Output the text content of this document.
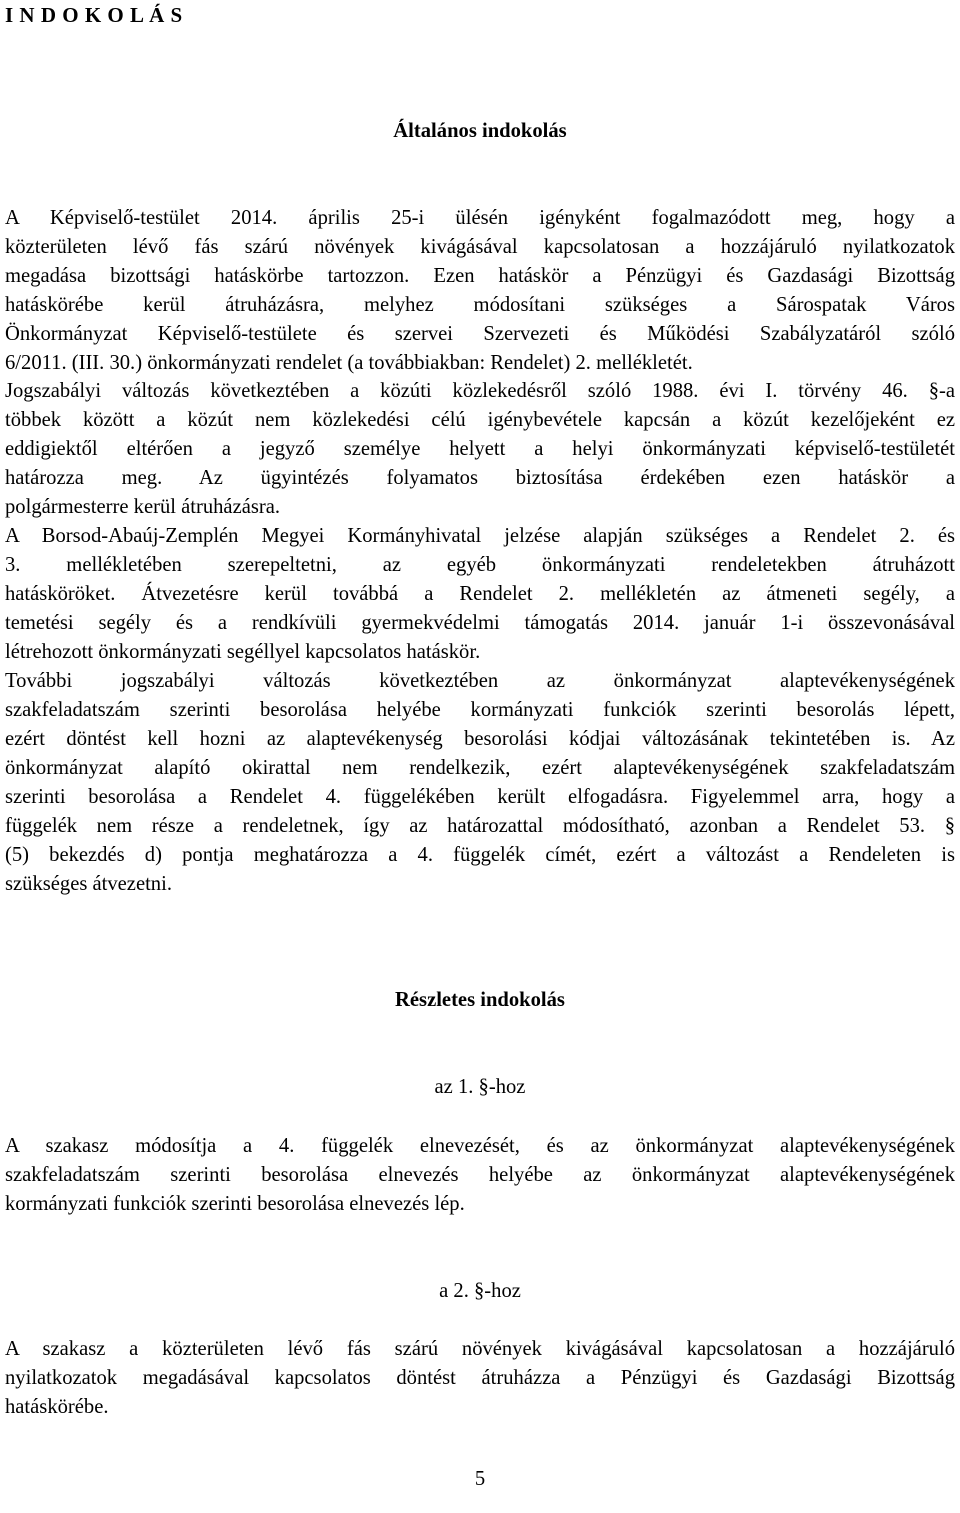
I N D O K O L Á S

Általános indokolás

A Képviselő-testület 2014. április 25-i ülésén igényként fogalmazódott meg, hogy a

közterületen lévő fás szárú növények kivágásával kapcsolatosan a hozzájáruló nyilatkozatok

megadása bizottsági hatáskörbe tartozzon. Ezen hatáskör a Pénzügyi és Gazdasági Bizottság

hatáskörébe kerül átruházásra, melyhez módosítani szükséges a Sárospatak Város

Önkormányzat Képviselő-testülete és szervei Szervezeti és Működési Szabályzatáról szóló

6/2011. (III. 30.) önkormányzati rendelet (a továbbiakban: Rendelet) 2. mellékletét.

Jogszabályi változás következtében a közúti közlekedésről szóló 1988. évi I. törvény 46. §-a

többek között a közút nem közlekedési célú igénybevétele kapcsán a közút kezelőjeként ez

eddigiektől eltérően a jegyző személye helyett a helyi önkormányzati képviselő-testületét

határozza meg. Az ügyintézés folyamatos biztosítása érdekében ezen hatáskör a

polgármesterre kerül átruházásra.

A Borsod-Abaúj-Zemplén Megyei Kormányhivatal jelzése alapján szükséges a Rendelet 2. és

3. mellékletében szerepeltetni, az egyéb önkormányzati rendeletekben átruházott

hatásköröket. Átvezetésre kerül továbbá a Rendelet 2. mellékletén az átmeneti segély, a

temetési segély és a rendkívüli gyermekvédelmi támogatás 2014. január 1-i összevonásával

létrehozott önkormányzati segéllyel kapcsolatos hatáskör.

További jogszabályi változás következtében az önkormányzat alaptevékenységének

szakfeladatszám szerinti besorolása helyébe kormányzati funkciók szerinti besorolás lépett,

ezért döntést kell hozni az alaptevékenység besorolási kódjai változásának tekintetében is. Az

önkormányzat alapító okirattal nem rendelkezik, ezért alaptevékenységének szakfeladatszám

szerinti besorolása a Rendelet 4. függelékében került elfogadásra. Figyelemmel arra, hogy a

függelék nem része a rendeletnek, így az határozattal módosítható, azonban a Rendelet 53. §

(5) bekezdés d) pontja meghatározza a 4. függelék címét, ezért a változást a Rendeleten is

szükséges átvezetni.

Részletes indokolás

az 1. §-hoz

A szakasz módosítja a 4. függelék elnevezését, és az önkormányzat alaptevékenységének

szakfeladatszám szerinti besorolása elnevezés helyébe az önkormányzat alaptevékenységének

kormányzati funkciók szerinti besorolása elnevezés lép.

a 2. §-hoz

A szakasz a közterületen lévő fás szárú növények kivágásával kapcsolatosan a hozzájáruló

nyilatkozatok megadásával kapcsolatos döntést átruházza a Pénzügyi és Gazdasági Bizottság

hatáskörébe.

5
